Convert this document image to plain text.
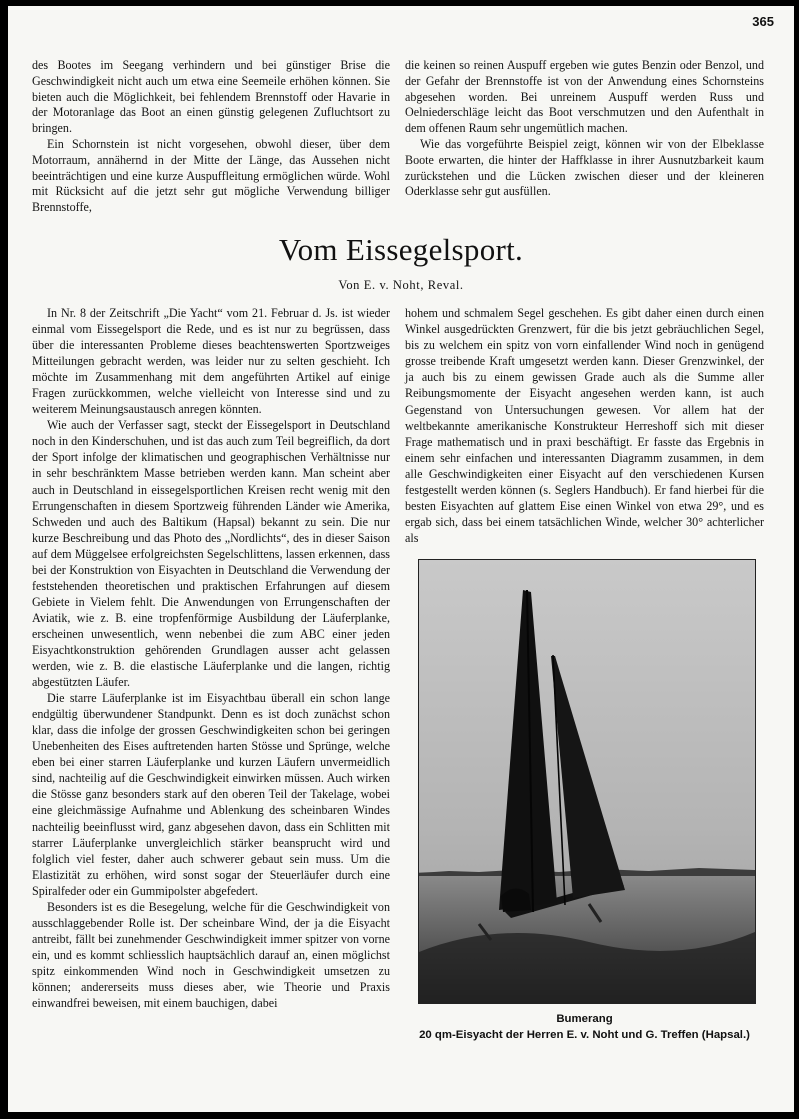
365

des Bootes im Seegang verhindern und bei günstiger Brise die Geschwindigkeit nicht auch um etwa eine Seemeile erhöhen können. Sie bieten auch die Möglichkeit, bei fehlendem Brennstoff oder Havarie in der Motoranlage das Boot an einen günstig gelegenen Zufluchtsort zu bringen.

Ein Schornstein ist nicht vorgesehen, obwohl dieser, über dem Motorraum, annähernd in der Mitte der Länge, das Aussehen nicht beeinträchtigen und eine kurze Auspuffleitung ermöglichen würde. Wohl mit Rücksicht auf die jetzt sehr gut mögliche Verwendung billiger Brennstoffe,

die keinen so reinen Auspuff ergeben wie gutes Benzin oder Benzol, und der Gefahr der Brennstoffe ist von der Anwendung eines Schornsteins abgesehen worden. Bei unreinem Auspuff werden Russ und Oelniederschläge leicht das Boot verschmutzen und den Aufenthalt in dem offenen Raum sehr ungemütlich machen.

Wie das vorgeführte Beispiel zeigt, können wir von der Elbeklasse Boote erwarten, die hinter der Haffklasse in ihrer Ausnutzbarkeit kaum zurückstehen und die Lücken zwischen dieser und der kleineren Oderklasse sehr gut ausfüllen.

Vom Eissegelsport.
Von E. v. Noht, Reval.

In Nr. 8 der Zeitschrift „Die Yacht“ vom 21. Februar d. Js. ist wieder einmal vom Eissegelsport die Rede, und es ist nur zu begrüssen, dass über die interessanten Probleme dieses beachtenswerten Sportzweiges Mitteilungen gebracht werden, was leider nur zu selten geschieht. Ich möchte im Zusammenhang mit dem angeführten Artikel auf einige Fragen zurückkommen, welche vielleicht von Interesse sind und zu weiterem Meinungsaustausch anregen könnten.

Wie auch der Verfasser sagt, steckt der Eissegelsport in Deutschland noch in den Kinderschuhen, und ist das auch zum Teil begreiflich, da dort der Sport infolge der klimatischen und geographischen Verhältnisse nur in sehr beschränktem Masse betrieben werden kann. Man scheint aber auch in Deutschland in eissegelsportlichen Kreisen recht wenig mit den Errungenschaften in diesem Sportzweig führenden Länder wie Amerika, Schweden und auch des Baltikum (Hapsal) bekannt zu sein. Die nur kurze Beschreibung und das Photo des „Nordlichts“, des in dieser Saison auf dem Müggelsee erfolgreichsten Segelschlittens, lassen erkennen, dass bei der Konstruktion von Eisyachten in Deutschland die Verwendung der feststehenden theoretischen und praktischen Erfahrungen auf diesem Gebiete in Vielem fehlt. Die Anwendungen von Errungenschaften der Aviatik, wie z. B. eine tropfenförmige Ausbildung der Läuferplanke, erscheinen unwesentlich, wenn nebenbei die zum ABC einer jeden Eisyachtkonstruktion gehörenden Grundlagen ausser acht gelassen werden, wie z. B. die elastische Läuferplanke und die langen, richtig abgestützten Läufer.

Die starre Läuferplanke ist im Eisyachtbau überall ein schon lange endgültig überwundener Standpunkt. Denn es ist doch zunächst schon klar, dass die infolge der grossen Geschwindigkeiten schon bei geringen Unebenheiten des Eises auftretenden harten Stösse und Sprünge, welche eben bei einer starren Läuferplanke und kurzen Läufern unvermeidlich sind, nachteilig auf die Geschwindigkeit einwirken müssen. Auch wirken die Stösse ganz besonders stark auf den oberen Teil der Takelage, wobei eine gleichmässige Aufnahme und Ablenkung des scheinbaren Windes nachteilig beeinflusst wird, ganz abgesehen davon, dass ein Schlitten mit starrer Läuferplanke unvergleichlich stärker beansprucht wird und folglich viel fester, daher auch schwerer gebaut sein muss. Um die Elastizität zu erhöhen, wird sonst sogar der Steuerläufer durch eine Spiralfeder oder ein Gummipolster abgefedert.

Besonders ist es die Besegelung, welche für die Geschwindigkeit von ausschlaggebender Rolle ist. Der scheinbare Wind, der ja die Eisyacht antreibt, fällt bei zunehmender Geschwindigkeit immer spitzer von vorne ein, und es kommt schliesslich hauptsächlich darauf an, einen möglichst spitz einkommenden Wind noch in Geschwindigkeit umsetzen zu können; andererseits muss dieses aber, wie Theorie und Praxis einwandfrei beweisen, mit einem bauchigen, dabei

hohem und schmalem Segel geschehen. Es gibt daher einen durch einen Winkel ausgedrückten Grenzwert, für die bis jetzt gebräuchlichen Segel, bis zu welchem ein spitz von vorn einfallender Wind noch in genügend grosse treibende Kraft umgesetzt werden kann. Dieser Grenzwinkel, der ja auch bis zu einem gewissen Grade auch als die Summe aller Reibungsmomente der Eisyacht angesehen werden kann, ist auch Gegenstand von Untersuchungen gewesen. Vor allem hat der weltbekannte amerikanische Konstrukteur Herreshoff sich mit dieser Frage mathematisch und in praxi beschäftigt. Er fasste das Ergebnis in einem sehr einfachen und interessanten Diagramm zusammen, in dem alle Geschwindigkeiten einer Eisyacht auf den verschiedenen Kursen festgestellt werden können (s. Seglers Handbuch). Er fand hierbei für die besten Eisyachten auf glattem Eise einen Winkel von etwa 29°, und es ergab sich, dass bei einem tatsächlichen Winde, welcher 30° achterlicher als

Bumerang
20 qm-Eisyacht der Herren E. v. Noht und G. Treffen (Hapsal.)
